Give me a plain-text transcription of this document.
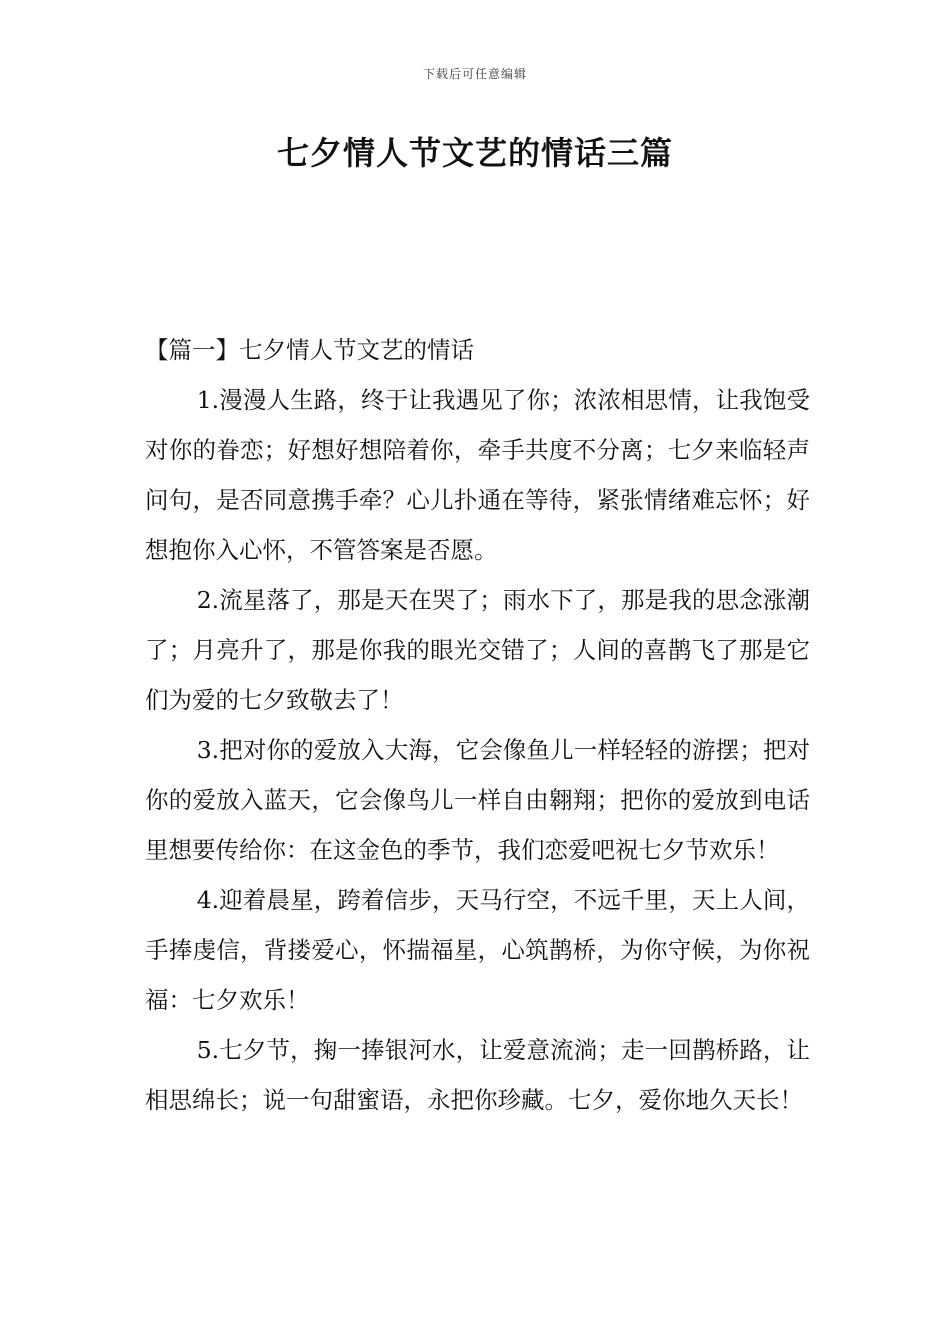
下载后可任意编辑
七夕情人节文艺的情话三篇

【篇一】七夕情人节文艺的情话

1.漫漫人生路，终于让我遇见了你；浓浓相思情，让我饱受对你的眷恋；好想好想陪着你，牵手共度不分离；七夕来临轻声问句，是否同意携手牵？心儿扑通在等待，紧张情绪难忘怀；好想抱你入心怀，不管答案是否愿。

2.流星落了，那是天在哭了；雨水下了，那是我的思念涨潮了；月亮升了，那是你我的眼光交错了；人间的喜鹊飞了那是它们为爱的七夕致敬去了！

3.把对你的爱放入大海，它会像鱼儿一样轻轻的游摆；把对你的爱放入蓝天，它会像鸟儿一样自由翱翔；把你的爱放到电话里想要传给你：在这金色的季节，我们恋爱吧祝七夕节欢乐！

4.迎着晨星，跨着信步，天马行空，不远千里，天上人间，手捧虔信，背搂爱心，怀揣福星，心筑鹊桥，为你守候，为你祝福：七夕欢乐！

5.七夕节，掬一捧银河水，让爱意流淌；走一回鹊桥路，让相思绵长；说一句甜蜜语，永把你珍藏。七夕，爱你地久天长！
